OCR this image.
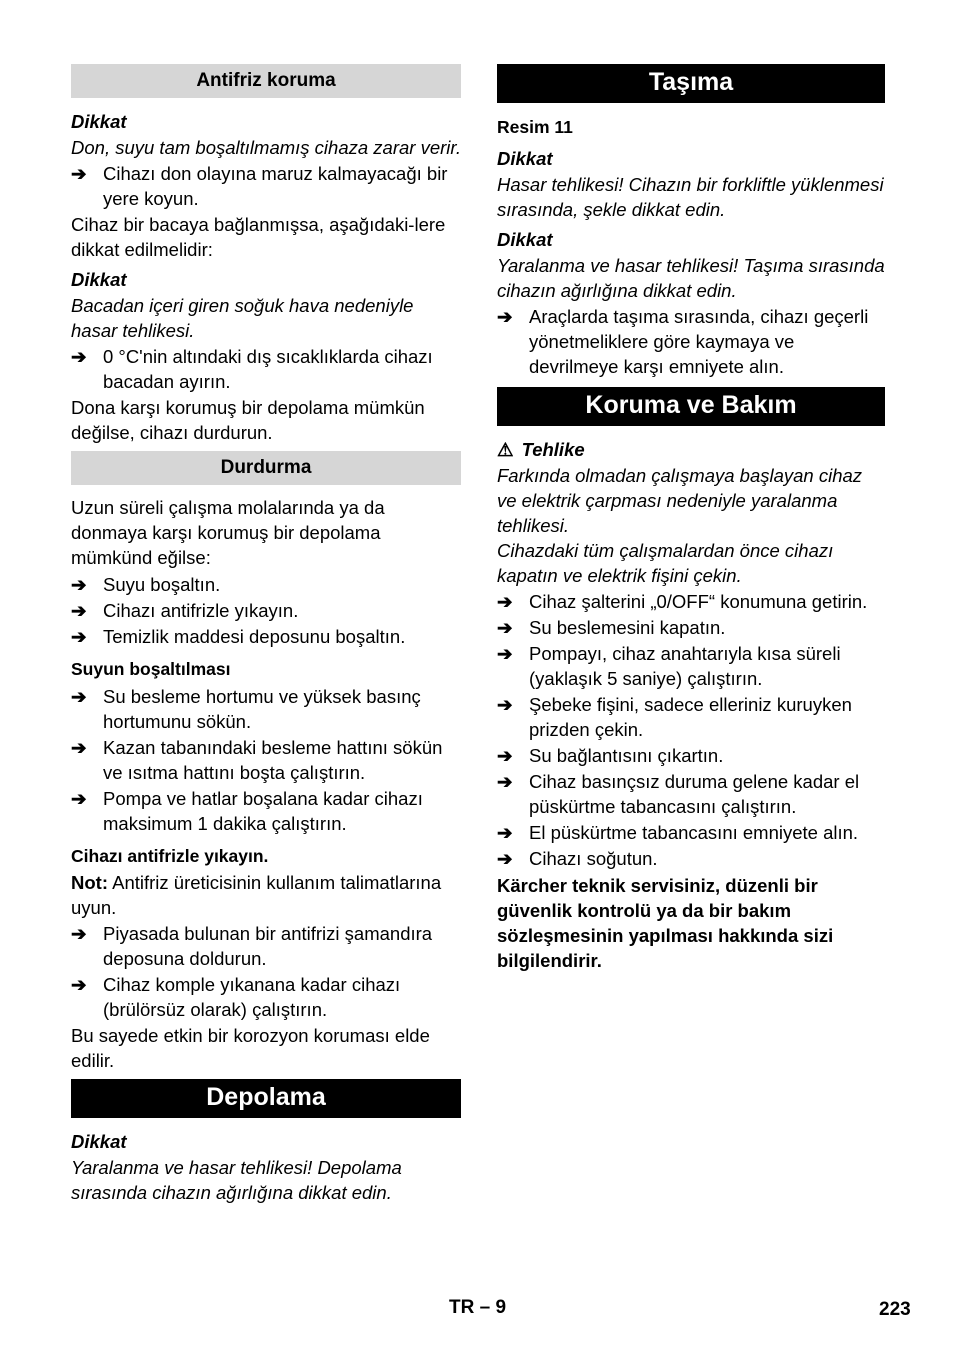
Antifriz koruma
Dikkat
Don, suyu tam boşaltılmamış cihaza zarar verir.
➔ Cihazı don olayına maruz kalmayacağı bir yere koyun.
Cihaz bir bacaya bağlanmışsa, aşağıdaki-lere dikkat edilmelidir:
Dikkat
Bacadan içeri giren soğuk hava nedeniyle hasar tehlikesi.
➔ 0 °C'nin altındaki dış sıcaklıklarda cihazı bacadan ayırın.
Dona karşı korumuş bir depolama mümkün değilse, cihazı durdurun.
Durdurma
Uzun süreli çalışma molalarında ya da donmaya karşı korumuş bir depolama mümkünd eğilse:
➔ Suyu boşaltın.
➔ Cihazı antifrizle yıkayın.
➔ Temizlik maddesi deposunu boşaltın.
Suyun boşaltılması
➔ Su besleme hortumu ve yüksek basınç hortumunu sökün.
➔ Kazan tabanındaki besleme hattını sökün ve ısıtma hattını boşta çalıştırın.
➔ Pompa ve hatlar boşalana kadar cihazı maksimum 1 dakika çalıştırın.
Cihazı antifrizle yıkayın.
Not: Antifriz üreticisinin kullanım talimatlarına uyun.
➔ Piyasada bulunan bir antifrizi şamandıra deposuna doldurun.
➔ Cihaz komple yıkanana kadar cihazı (brülörsüz olarak) çalıştırın.
Bu sayede etkin bir korozyon koruması elde edilir.
Depolama
Dikkat
Yaralanma ve hasar tehlikesi! Depolama sırasında cihazın ağırlığına dikkat edin.
Taşıma
Resim 11
Dikkat
Hasar tehlikesi! Cihazın bir forkliftle yüklenmesi sırasında, şekle dikkat edin.
Dikkat
Yaralanma ve hasar tehlikesi! Taşıma sırasında cihazın ağırlığına dikkat edin.
➔ Araçlarda taşıma sırasında, cihazı geçerli yönetmeliklere göre kaymaya ve devrilmeye karşı emniyete alın.
Koruma ve Bakım
⚠ Tehlike
Farkında olmadan çalışmaya başlayan cihaz ve elektrik çarpması nedeniyle yaralanma tehlikesi.
Cihazdaki tüm çalışmalardan önce cihazı kapatın ve elektrik fişini çekin.
➔ Cihaz şalterini „0/OFF“ konumuna getirin.
➔ Su beslemesini kapatın.
➔ Pompayı, cihaz anahtarıyla kısa süreli (yaklaşık 5 saniye) çalıştırın.
➔ Şebeke fişini, sadece elleriniz kuruyken prizden çekin.
➔ Su bağlantısını çıkartın.
➔ Cihaz basınçsız duruma gelene kadar el püskürtme tabancasını çalıştırın.
➔ El püskürtme tabancasını emniyete alın.
➔ Cihazı soğutun.
Kärcher teknik servisiniz, düzenli bir güvenlik kontrolü ya da bir bakım sözleşmesinin yapılması hakkında sizi bilgilendirir.
TR – 9	223
